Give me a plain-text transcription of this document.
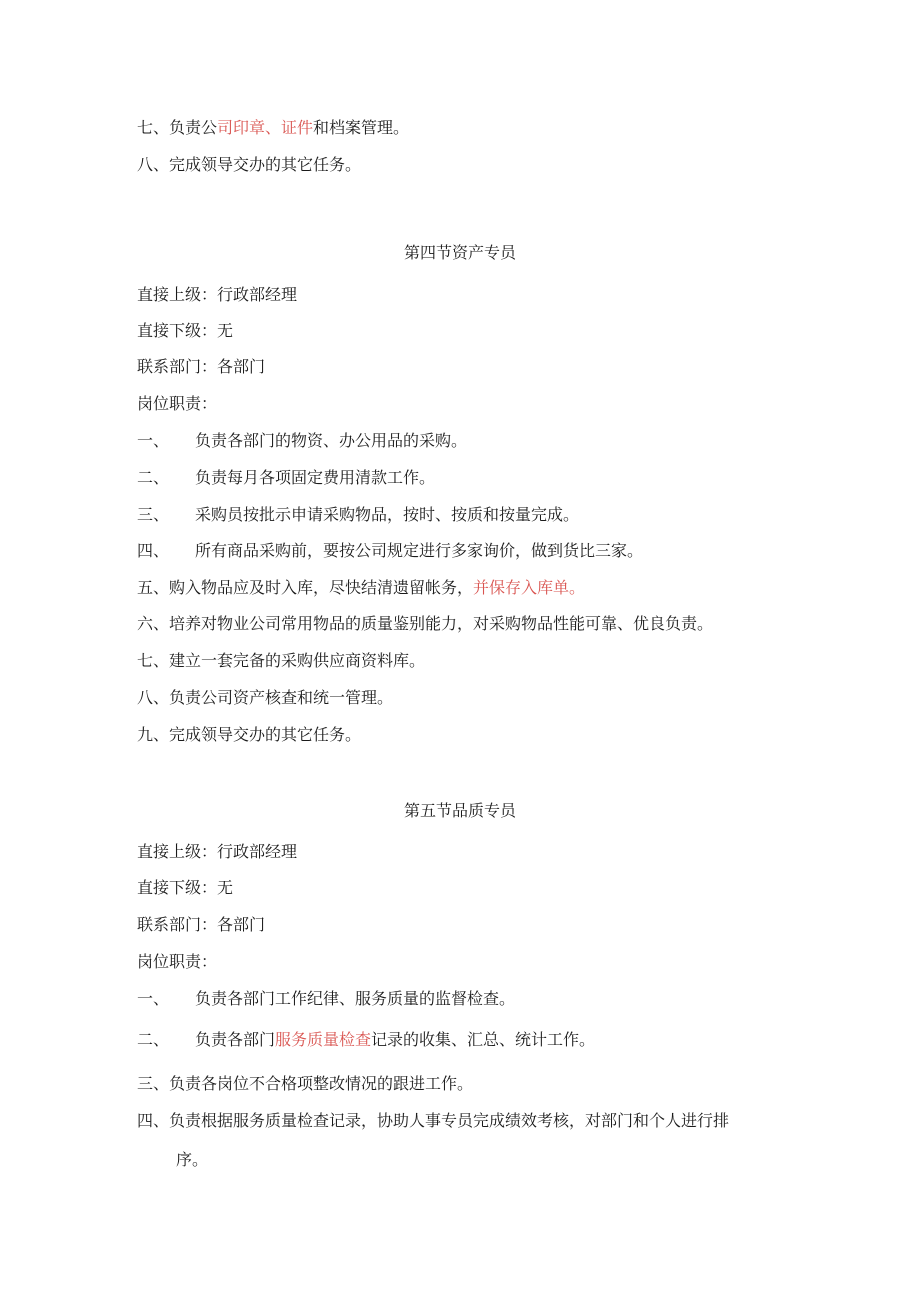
七、负责公司印章、证件和档案管理。
八、完成领导交办的其它任务。
第四节资产专员
直接上级：行政部经理
直接下级：无
联系部门：各部门
岗位职责：
一、 负责各部门的物资、办公用品的采购。
二、 负责每月各项固定费用清款工作。
三、 采购员按批示申请采购物品，按时、按质和按量完成。
四、 所有商品采购前，要按公司规定进行多家询价，做到货比三家。
五、购入物品应及时入库，尽快结清遗留帐务，并保存入库单。
六、培养对物业公司常用物品的质量鉴别能力，对采购物品性能可靠、优良负责。
七、建立一套完备的采购供应商资料库。
八、负责公司资产核查和统一管理。
九、完成领导交办的其它任务。
第五节品质专员
直接上级：行政部经理
直接下级：无
联系部门：各部门
岗位职责：
一、 负责各部门工作纪律、服务质量的监督检查。
二、 负责各部门服务质量检查记录的收集、汇总、统计工作。
三、负责各岗位不合格项整改情况的跟进工作。
四、负责根据服务质量检查记录，协助人事专员完成绩效考核，对部门和个人进行排
序。
